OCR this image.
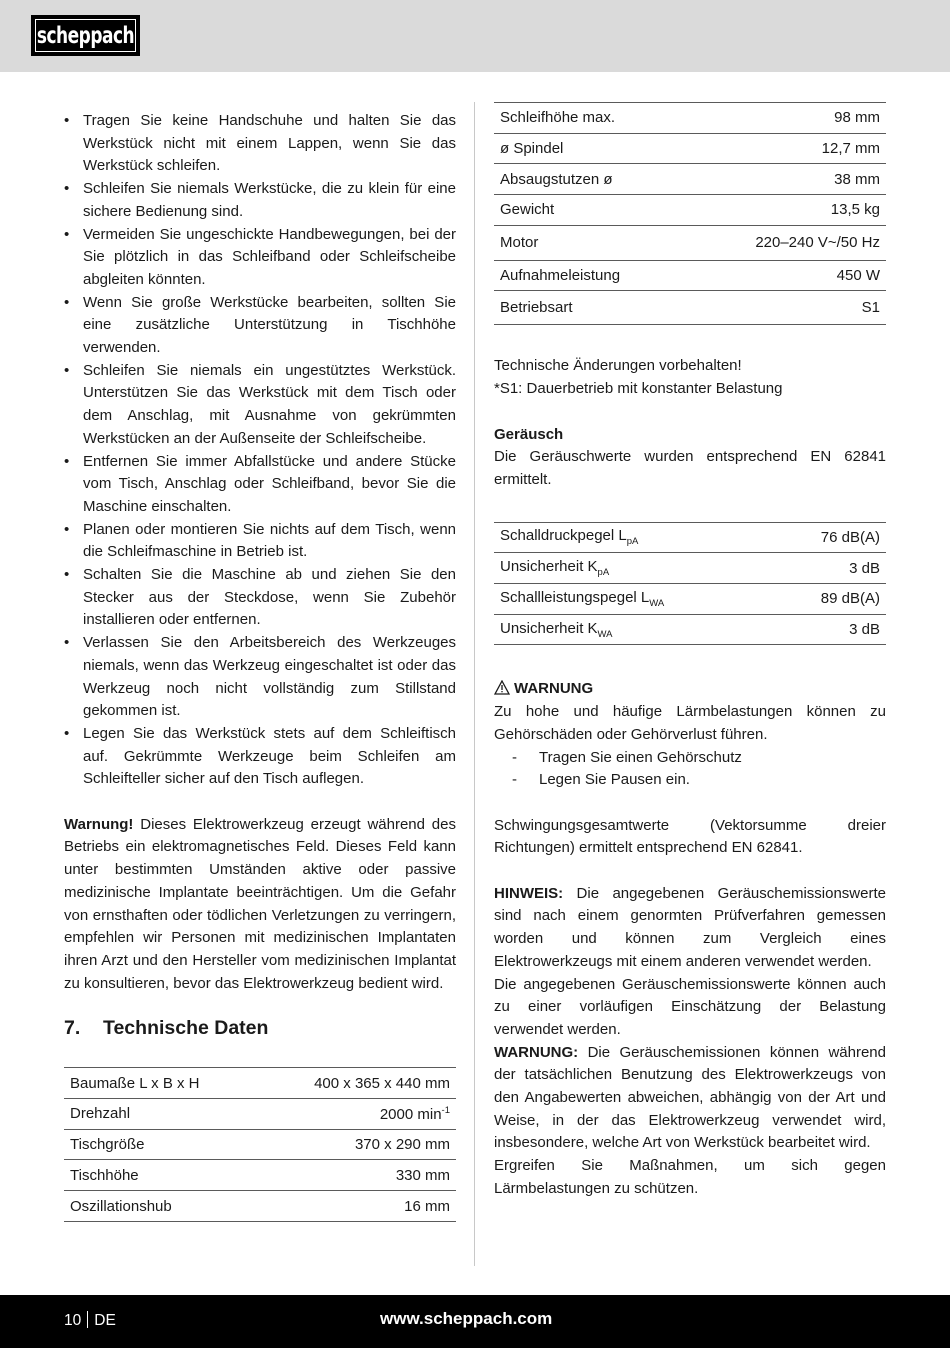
scheppach
• Tragen Sie keine Handschuhe und halten Sie das Werkstück nicht mit einem Lappen, wenn Sie das Werkstück schleifen.
• Schleifen Sie niemals Werkstücke, die zu klein für eine sichere Bedienung sind.
• Vermeiden Sie ungeschickte Handbewegungen, bei der Sie plötzlich in das Schleifband oder Schleifscheibe abgleiten könnten.
• Wenn Sie große Werkstücke bearbeiten, sollten Sie eine zusätzliche Unterstützung in Tischhöhe verwenden.
• Schleifen Sie niemals ein ungestütztes Werkstück. Unterstützen Sie das Werkstück mit dem Tisch oder dem Anschlag, mit Ausnahme von gekrümmten Werkstücken an der Außenseite der Schleifscheibe.
• Entfernen Sie immer Abfallstücke und andere Stücke vom Tisch, Anschlag oder Schleifband, bevor Sie die Maschine einschalten.
• Planen oder montieren Sie nichts auf dem Tisch, wenn die Schleifmaschine in Betrieb ist.
• Schalten Sie die Maschine ab und ziehen Sie den Stecker aus der Steckdose, wenn Sie Zubehör installieren oder entfernen.
• Verlassen Sie den Arbeitsbereich des Werkzeuges niemals, wenn das Werkzeug eingeschaltet ist oder das Werkzeug noch nicht vollständig zum Stillstand gekommen ist.
• Legen Sie das Werkstück stets auf dem Schleiftisch auf. Gekrümmte Werkzeuge beim Schleifen am Schleifteller sicher auf den Tisch auflegen.

Warnung! Dieses Elektrowerkzeug erzeugt während des Betriebs ein elektromagnetisches Feld. Dieses Feld kann unter bestimmten Umständen aktive oder passive medizinische Implantate beeinträchtigen. Um die Gefahr von ernsthaften oder tödlichen Verletzungen zu verringern, empfehlen wir Personen mit medizinischen Implantaten ihren Arzt und den Hersteller vom medizinischen Implantat zu konsultieren, bevor das Elektrowerkzeug bedient wird.

7. Technische Daten
Baumaße L x B x H	400 x 365 x 440 mm
Drehzahl	2000 $\min^{-1}$
Tischgröße	370 x 290 mm
Tischhöhe	330 mm
Oszillationshub	16 mm
Schleifhöhe max.	98 mm
ø Spindel	12,7 mm
Absaugstutzen ø	38 mm
Gewicht	13,5 kg
Motor	220–240 V~/50 Hz
Aufnahmeleistung	450 W
Betriebsart	S1

Technische Änderungen vorbehalten!

*S1: Dauerbetrieb mit konstanter Belastung

Geräusch

Die Geräuschwerte wurden entsprechend EN 62841 ermittelt.

Schalldruckpegel $L_{pA}$	76 dB(A)
Unsicherheit $K_{pA}$	3 dB
Schallleistungspegel $L_{WA}$	89 dB(A)
Unsicherheit $K_{WA}$	3 dB

WARNUNG

Zu hohe und häufige Lärmbelastungen können zu Gehörschäden oder Gehörverlust führen.

- Tragen Sie einen Gehörschutz
- Legen Sie Pausen ein.

Schwingungsgesamtwerte (Vektorsumme dreier Richtungen) ermittelt entsprechend EN 62841.

HINWEIS: Die angegebenen Geräuschemissionswerte sind nach einem genormten Prüfverfahren gemessen worden und können zum Vergleich eines Elektrowerkzeugs mit einem anderen verwendet werden.

Die angegebenen Geräuschemissionswerte können auch zu einer vorläufigen Einschätzung der Belastung verwendet werden.

WARNUNG: Die Geräuschemissionen können während der tatsächlichen Benutzung des Elektrowerkzeugs von den Angabewerten abweichen, abhängig von der Art und Weise, in der das Elektrowerkzeug verwendet wird, insbesondere, welche Art von Werkstück bearbeitet wird.

Ergreifen Sie Maßnahmen, um sich gegen Lärmbelastungen zu schützen.

10 DE	www.scheppach.com
